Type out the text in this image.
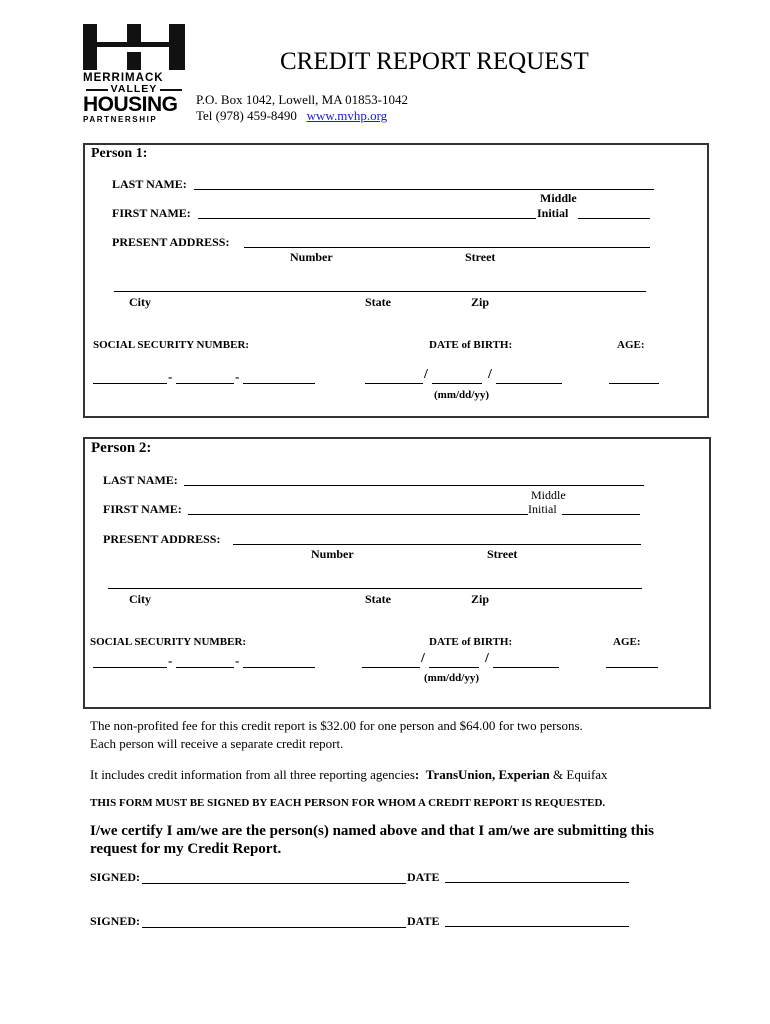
MERRIMACK
VALLEY
HOUSING
PARTNERSHIP
CREDIT REPORT REQUEST
P.O. Box 1042, Lowell, MA 01853-1042
Tel (978) 459-8490 www.mvhp.org
Person 1:
LAST NAME:
Middle
FIRST NAME:	Initial
PRESENT ADDRESS:
Number	Street
City	State	Zip
SOCIAL SECURITY NUMBER:	DATE of BIRTH:	AGE:
-	-	/	/
(mm/dd/yy)
Person 2:
LAST NAME:
Middle
FIRST NAME:	Initial
PRESENT ADDRESS:
Number	Street
City	State	Zip
SOCIAL SECURITY NUMBER:	DATE of BIRTH:	AGE:
-	-	/	/
(mm/dd/yy)
The non-profited fee for this credit report is $32.00 for one person and $64.00 for two persons.
Each person will receive a separate credit report.
It includes credit information from all three reporting agencies: TransUnion, Experian & Equifax
THIS FORM MUST BE SIGNED BY EACH PERSON FOR WHOM A CREDIT REPORT IS REQUESTED.
I/we certify I am/we are the person(s) named above and that I am/we are submitting this
request for my Credit Report.
SIGNED:	DATE
SIGNED:	DATE
